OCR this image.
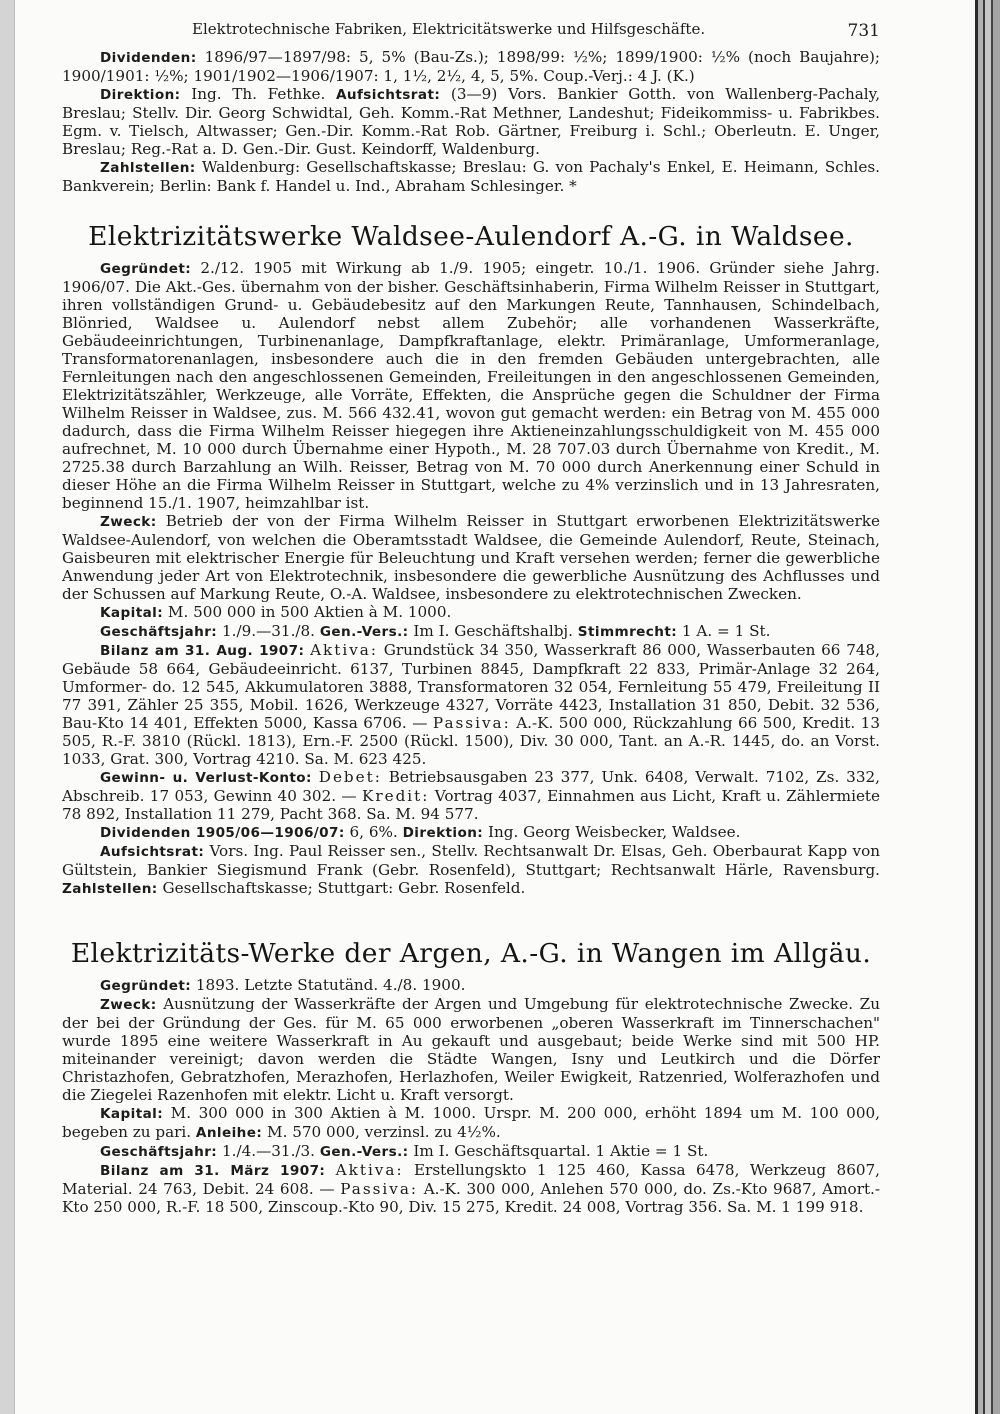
Elektrotechnische Fabriken, Elektricitätswerke und Hilfsgeschäfte.	731

Dividenden: 1896/97—1897/98: 5, 5% (Bau-Zs.); 1898/99: ½%; 1899/1900: ½% (noch Baujahre); 1900/1901: ½%; 1901/1902—1906/1907: 1, 1½, 2½, 4, 5, 5%. Coup.-Verj.: 4 J. (K.)

Direktion: Ing. Th. Fethke. Aufsichtsrat: (3—9) Vors. Bankier Gotth. von Wallenberg-Pachaly, Breslau; Stellv. Dir. Georg Schwidtal, Geh. Komm.-Rat Methner, Landeshut; Fideikommiss- u. Fabrikbes. Egm. v. Tielsch, Altwasser; Gen.-Dir. Komm.-Rat Rob. Gärtner, Freiburg i. Schl.; Oberleutn. E. Unger, Breslau; Reg.-Rat a. D. Gen.-Dir. Gust. Keindorff, Waldenburg.

Zahlstellen: Waldenburg: Gesellschaftskasse; Breslau: G. von Pachaly's Enkel, E. Heimann, Schles. Bankverein; Berlin: Bank f. Handel u. Ind., Abraham Schlesinger. *

Elektrizitätswerke Waldsee-Aulendorf A.-G. in Waldsee.

Gegründet: 2./12. 1905 mit Wirkung ab 1./9. 1905; eingetr. 10./1. 1906. Gründer siehe Jahrg. 1906/07. Die Akt.-Ges. übernahm von der bisher. Geschäftsinhaberin, Firma Wilhelm Reisser in Stuttgart, ihren vollständigen Grund- u. Gebäudebesitz auf den Markungen Reute, Tannhausen, Schindelbach, Blönried, Waldsee u. Aulendorf nebst allem Zubehör; alle vorhandenen Wasserkräfte, Gebäudeeinrichtungen, Turbinenanlage, Dampfkraftanlage, elektr. Primäranlage, Umformeranlage, Transformatorenanlagen, insbesondere auch die in den fremden Gebäuden untergebrachten, alle Fernleitungen nach den angeschlossenen Gemeinden, Freileitungen in den angeschlossenen Gemeinden, Elektrizitätszähler, Werkzeuge, alle Vorräte, Effekten, die Ansprüche gegen die Schuldner der Firma Wilhelm Reisser in Waldsee, zus. M. 566 432.41, wovon gut gemacht werden: ein Betrag von M. 455 000 dadurch, dass die Firma Wilhelm Reisser hiegegen ihre Aktieneinzahlungsschuldigkeit von M. 455 000 aufrechnet, M. 10 000 durch Übernahme einer Hypoth., M. 28 707.03 durch Übernahme von Kredit., M. 2725.38 durch Barzahlung an Wilh. Reisser, Betrag von M. 70 000 durch Anerkennung einer Schuld in dieser Höhe an die Firma Wilhelm Reisser in Stuttgart, welche zu 4% verzinslich und in 13 Jahresraten, beginnend 15./1. 1907, heimzahlbar ist.

Zweck: Betrieb der von der Firma Wilhelm Reisser in Stuttgart erworbenen Elektrizitätswerke Waldsee-Aulendorf, von welchen die Oberamtsstadt Waldsee, die Gemeinde Aulendorf, Reute, Steinach, Gaisbeuren mit elektrischer Energie für Beleuchtung und Kraft versehen werden; ferner die gewerbliche Anwendung jeder Art von Elektrotechnik, insbesondere die gewerbliche Ausnützung des Achflusses und der Schussen auf Markung Reute, O.-A. Waldsee, insbesondere zu elektrotechnischen Zwecken.

Kapital: M. 500 000 in 500 Aktien à M. 1000.

Geschäftsjahr: 1./9.—31./8. Gen.-Vers.: Im I. Geschäftshalbj. Stimmrecht: 1 A. = 1 St.

Bilanz am 31. Aug. 1907: Aktiva: Grundstück 34 350, Wasserkraft 86 000, Wasserbauten 66 748, Gebäude 58 664, Gebäudeeinricht. 6137, Turbinen 8845, Dampfkraft 22 833, Primär-Anlage 32 264, Umformer- do. 12 545, Akkumulatoren 3888, Transformatoren 32 054, Fernleitung 55 479, Freileitung II 77 391, Zähler 25 355, Mobil. 1626, Werkzeuge 4327, Vorräte 4423, Installation 31 850, Debit. 32 536, Bau-Kto 14 401, Effekten 5000, Kassa 6706. — Passiva: A.-K. 500 000, Rückzahlung 66 500, Kredit. 13 505, R.-F. 3810 (Rückl. 1813), Ern.-F. 2500 (Rückl. 1500), Div. 30 000, Tant. an A.-R. 1445, do. an Vorst. 1033, Grat. 300, Vortrag 4210. Sa. M. 623 425.

Gewinn- u. Verlust-Konto: Debet: Betriebsausgaben 23 377, Unk. 6408, Verwalt. 7102, Zs. 332, Abschreib. 17 053, Gewinn 40 302. — Kredit: Vortrag 4037, Einnahmen aus Licht, Kraft u. Zählermiete 78 892, Installation 11 279, Pacht 368. Sa. M. 94 577.

Dividenden 1905/06—1906/07: 6, 6%. Direktion: Ing. Georg Weisbecker, Waldsee.

Aufsichtsrat: Vors. Ing. Paul Reisser sen., Stellv. Rechtsanwalt Dr. Elsas, Geh. Oberbaurat Kapp von Gültstein, Bankier Siegismund Frank (Gebr. Rosenfeld), Stuttgart; Rechtsanwalt Härle, Ravensburg. Zahlstellen: Gesellschaftskasse; Stuttgart: Gebr. Rosenfeld.

Elektrizitäts-Werke der Argen, A.-G. in Wangen im Allgäu.

Gegründet: 1893. Letzte Statutänd. 4./8. 1900.

Zweck: Ausnützung der Wasserkräfte der Argen und Umgebung für elektrotechnische Zwecke. Zu der bei der Gründung der Ges. für M. 65 000 erworbenen „oberen Wasserkraft im Tinnerschachen" wurde 1895 eine weitere Wasserkraft in Au gekauft und ausgebaut; beide Werke sind mit 500 HP. miteinander vereinigt; davon werden die Städte Wangen, Isny und Leutkirch und die Dörfer Christazhofen, Gebratzhofen, Merazhofen, Herlazhofen, Weiler Ewigkeit, Ratzenried, Wolferazhofen und die Ziegelei Razenhofen mit elektr. Licht u. Kraft versorgt.

Kapital: M. 300 000 in 300 Aktien à M. 1000. Urspr. M. 200 000, erhöht 1894 um M. 100 000, begeben zu pari. Anleihe: M. 570 000, verzinsl. zu 4½%.

Geschäftsjahr: 1./4.—31./3. Gen.-Vers.: Im I. Geschäftsquartal. 1 Aktie = 1 St.

Bilanz am 31. März 1907: Aktiva: Erstellungskto 1 125 460, Kassa 6478, Werkzeug 8607, Material. 24 763, Debit. 24 608. — Passiva: A.-K. 300 000, Anlehen 570 000, do. Zs.-Kto 9687, Amort.-Kto 250 000, R.-F. 18 500, Zinscoup.-Kto 90, Div. 15 275, Kredit. 24 008, Vortrag 356. Sa. M. 1 199 918.
